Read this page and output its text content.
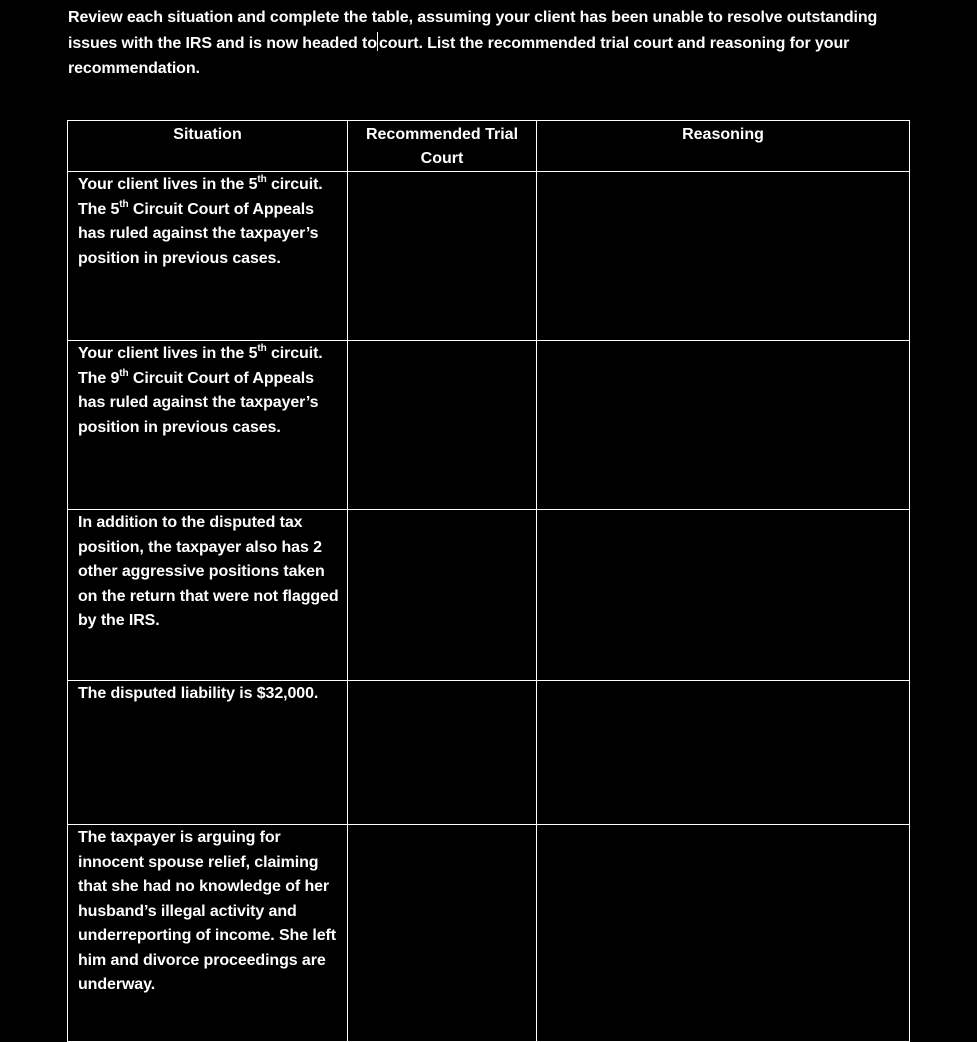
Review each situation and complete the table, assuming your client has been unable to resolve outstanding issues with the IRS and is now headed to court. List the recommended trial court and reasoning for your recommendation.

Situation	Recommended Trial Court	Reasoning

Your client lives in the 5th circuit. The 5th Circuit Court of Appeals has ruled against the taxpayer’s position in previous cases.		

Your client lives in the 5th circuit. The 9th Circuit Court of Appeals has ruled against the taxpayer’s position in previous cases.		

In addition to the disputed tax position, the taxpayer also has 2 other aggressive positions taken on the return that were not flagged by the IRS.		

The disputed liability is $32,000.		

The taxpayer is arguing for innocent spouse relief, claiming that she had no knowledge of her husband’s illegal activity and underreporting of income. She left him and divorce proceedings are underway.		
